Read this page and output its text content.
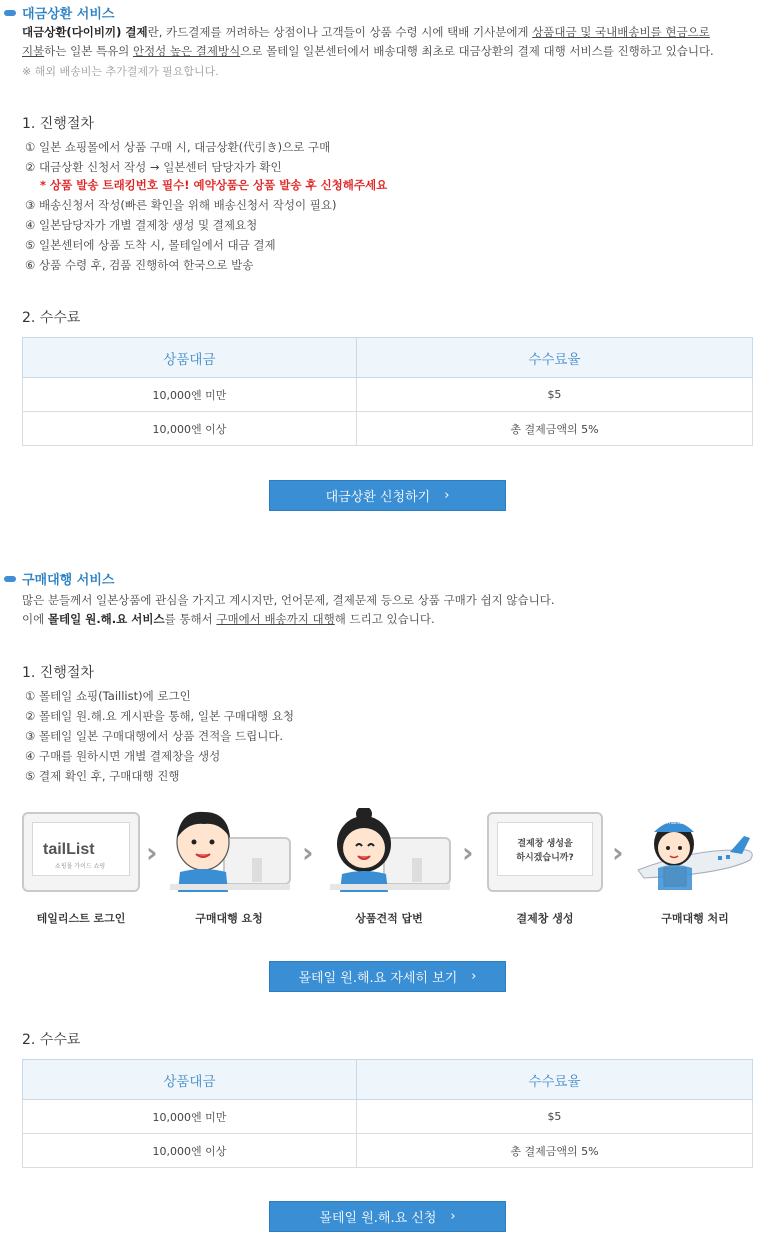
대금상환 서비스
대금상환(다이비끼) 결제란, 카드결제를 꺼려하는 상점이나 고객들이 상품 수령 시에 택배 기사분에게 상품대금 및 국내배송비를 현금으로
지불하는 일본 특유의 안정성 높은 결제방식으로 몰테일 일본센터에서 배송대행 최초로 대금상환의 결제 대행 서비스를 진행하고 있습니다.
※ 해외 배송비는 추가결제가 필요합니다.
1. 진행절차
① 일본 쇼핑몰에서 상품 구매 시, 대금상환(代引き)으로 구매
② 대금상환 신청서 작성 → 일본센터 담당자가 확인
* 상품 발송 트래킹번호 필수! 예약상품은 상품 발송 후 신청해주세요
③ 배송신청서 작성(빠른 확인을 위해 배송신청서 작성이 필요)
④ 일본담당자가 개별 결제창 생성 및 결제요청
⑤ 일본센터에 상품 도착 시, 몰테일에서 대금 결제
⑥ 상품 수령 후, 검품 진행하여 한국으로 발송
2. 수수료
상품대금	수수료율
10,000엔 미만	$5
10,000엔 이상	총 결제금액의 5%
대금상환 신청하기 ›
구매대행 서비스
많은 분들께서 일본상품에 관심을 가지고 계시지만, 언어문제, 결제문제 등으로 상품 구매가 쉽지 않습니다.
이에 몰테일 원.해.요 서비스를 통해서 구매에서 배송까지 대행해 드리고 있습니다.
1. 진행절차
① 몰테일 쇼핑(Taillist)에 로그인
② 몰테일 원.해.요 게시판을 통해, 일본 구매대행 요청
③ 몰테일 일본 구매대행에서 상품 견적을 드립니다.
④ 구매를 원하시면 개별 결제창을 생성
⑤ 결제 확인 후, 구매대행 진행
tailList
쇼핑몰 가이드 쇼핑 ›	›	›	결제창 생성을
하시겠습니까?	›
malltail
테일리스트 로그인	구매대행 요청	상품견적 답변	결제창 생성	구매대행 처리
몰테일 원.해.요 자세히 보기 ›
2. 수수료
상품대금	수수료율
10,000엔 미만	$5
10,000엔 이상	총 결제금액의 5%
몰테일 원.해.요 신청 ›
